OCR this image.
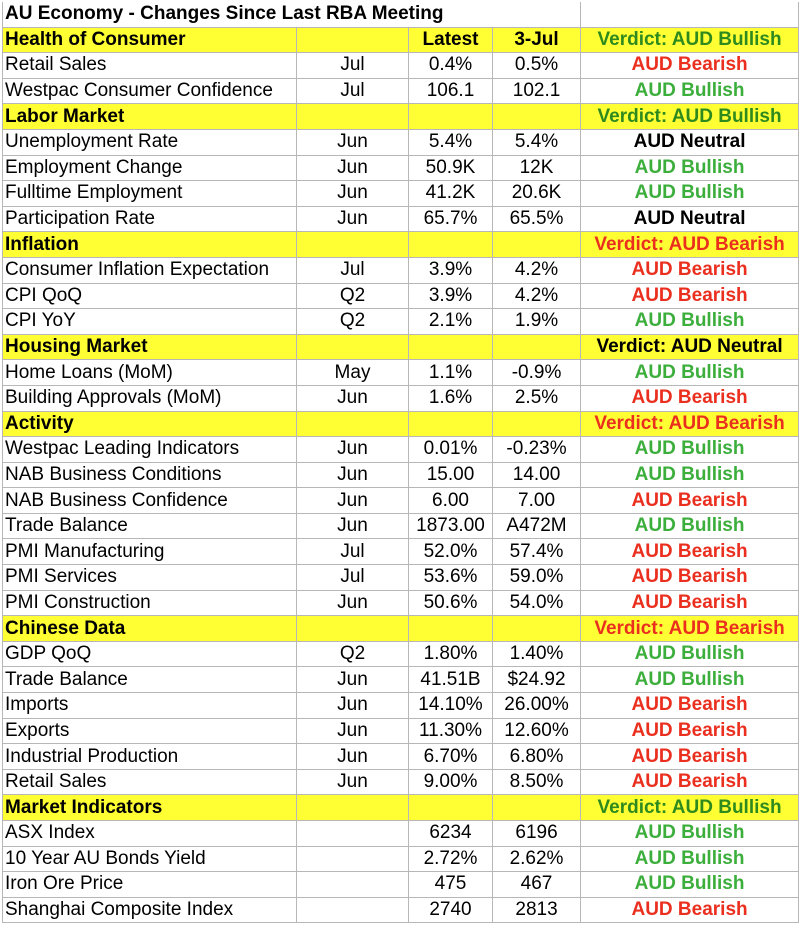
AU Economy - Changes Since Last RBA Meeting				
Health of Consumer		Latest	3-Jul	Verdict: AUD Bullish
Retail Sales	Jul	0.4%	0.5%	AUD Bearish
Westpac Consumer Confidence	Jul	106.1	102.1	AUD Bullish
Labor Market				Verdict: AUD Bullish
Unemployment Rate	Jun	5.4%	5.4%	AUD Neutral
Employment Change	Jun	50.9K	12K	AUD Bullish
Fulltime Employment	Jun	41.2K	20.6K	AUD Bullish
Participation Rate	Jun	65.7%	65.5%	AUD Neutral
Inflation				Verdict: AUD Bearish
Consumer Inflation Expectation	Jul	3.9%	4.2%	AUD Bearish
CPI QoQ	Q2	3.9%	4.2%	AUD Bearish
CPI YoY	Q2	2.1%	1.9%	AUD Bullish
Housing Market				Verdict: AUD Neutral
Home Loans (MoM)	May	1.1%	-0.9%	AUD Bullish
Building Approvals (MoM)	Jun	1.6%	2.5%	AUD Bearish
Activity				Verdict: AUD Bearish
Westpac Leading Indicators	Jun	0.01%	-0.23%	AUD Bullish
NAB Business Conditions	Jun	15.00	14.00	AUD Bullish
NAB Business Confidence	Jun	6.00	7.00	AUD Bearish
Trade Balance	Jun	1873.00	A472M	AUD Bullish
PMI Manufacturing	Jul	52.0%	57.4%	AUD Bearish
PMI Services	Jul	53.6%	59.0%	AUD Bearish
PMI Construction	Jun	50.6%	54.0%	AUD Bearish
Chinese Data				Verdict: AUD Bearish
GDP QoQ	Q2	1.80%	1.40%	AUD Bullish
Trade Balance	Jun	41.51B	$24.92	AUD Bullish
Imports	Jun	14.10%	26.00%	AUD Bearish
Exports	Jun	11.30%	12.60%	AUD Bearish
Industrial Production	Jun	6.70%	6.80%	AUD Bearish
Retail Sales	Jun	9.00%	8.50%	AUD Bearish
Market Indicators				Verdict: AUD Bullish
ASX Index		6234	6196	AUD Bullish
10 Year AU Bonds Yield		2.72%	2.62%	AUD Bullish
Iron Ore Price		475	467	AUD Bullish
Shanghai Composite Index		2740	2813	AUD Bearish
